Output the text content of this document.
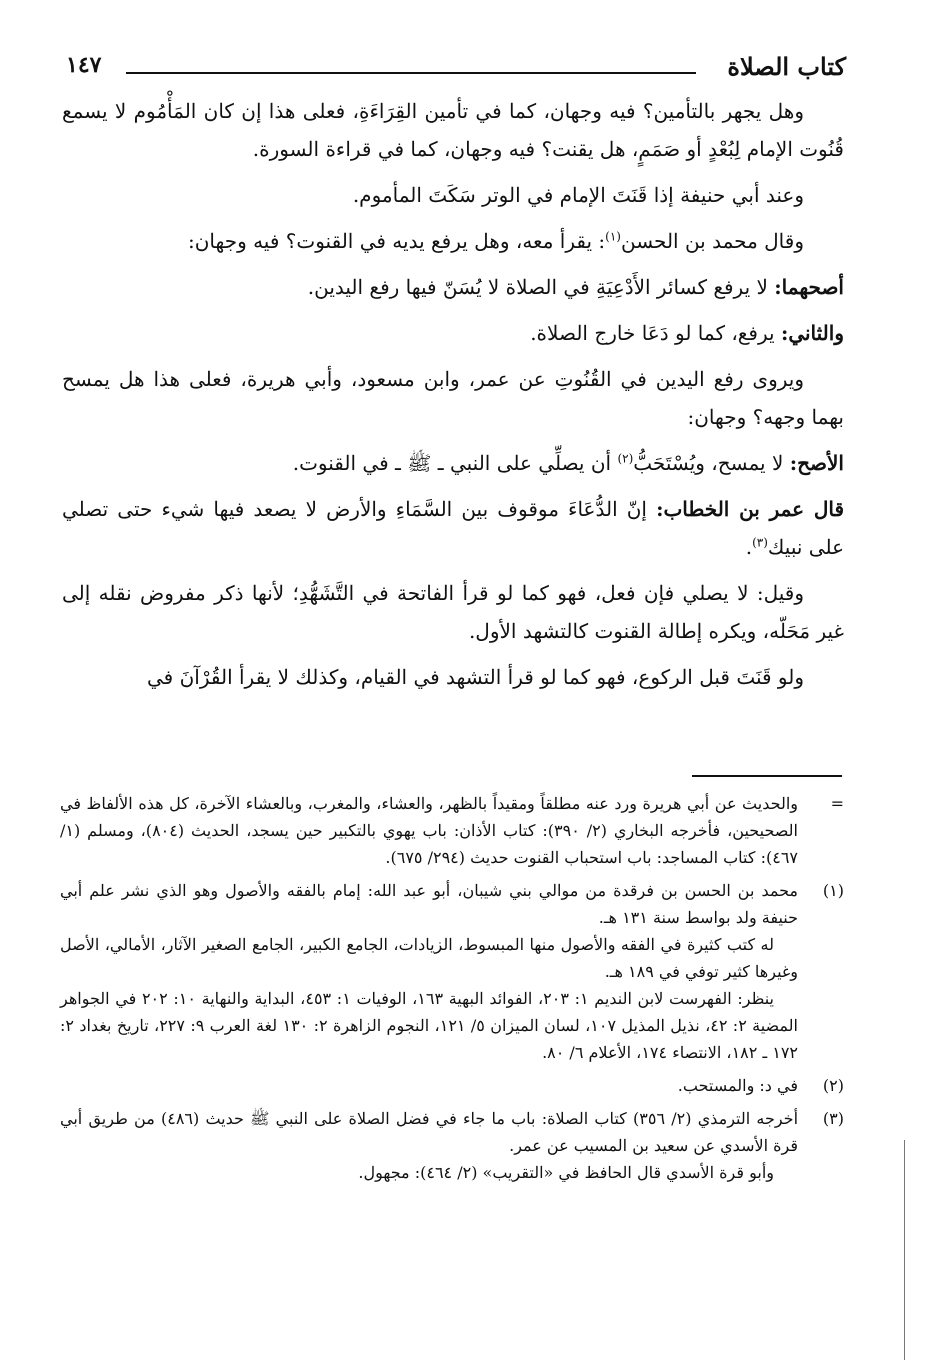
كتاب الصلاة
١٤٧

وهل يجهر بالتأمين؟ فيه وجهان، كما في تأمين القِرَاءَةِ، فعلى هذا إن كان المَأْمُوم لا يسمع قُنُوت الإمام لِبُعْدٍ أو صَمَمٍ، هل يقنت؟ فيه وجهان، كما في قراءة السورة.

وعند أبي حنيفة إذا قَنَتَ الإمام في الوتر سَكَتَ المأموم.

وقال محمد بن الحسن$^{(١)}$: يقرأ معه، وهل يرفع يديه في القنوت؟ فيه وجهان:

أصحهما: لا يرفع كسائر الأَدْعِيَةِ في الصلاة لا يُسَنّ فيها رفع اليدين.

والثاني: يرفع، كما لو دَعَا خارج الصلاة.

ويروى رفع اليدين في القُنُوتِ عن عمر، وابن مسعود، وأبي هريرة، فعلى هذا هل يمسح بهما وجهه؟ وجهان:

الأصح: لا يمسح، ويُسْتَحَبُّ$^{(٢)}$ أن يصلِّي على النبي ـ ﷺ ـ في القنوت.

قال عمر بن الخطاب: إنّ الدُّعَاءَ موقوف بين السَّمَاءِ والأرض لا يصعد فيها شيء حتى تصلي على نبيك$^{(٣)}$.

وقيل: لا يصلي فإن فعل، فهو كما لو قرأ الفاتحة في التَّشَهُّدِ؛ لأنها ذكر مفروض نقله إلى غير مَحَلّه، ويكره إطالة القنوت كالتشهد الأول.

ولو قَنَتَ قبل الركوع، فهو كما لو قرأ التشهد في القيام، وكذلك لا يقرأ القُرْآنَ في

=

والحديث عن أبي هريرة ورد عنه مطلقاً ومقيداً بالظهر، والعشاء، والمغرب، وبالعشاء الآخرة، كل هذه الألفاظ في الصحيحين، فأخرجه البخاري (٢/ ٣٩٠): كتاب الأذان: باب يهوي بالتكبير حين يسجد، الحديث (٨٠٤)، ومسلم (١/ ٤٦٧): كتاب المساجد: باب استحباب القنوت حديث (٢٩٤/ ٦٧٥).

(١)

محمد بن الحسن بن فرقدة من موالي بني شيبان، أبو عبد الله: إمام بالفقه والأصول وهو الذي نشر علم أبي حنيفة ولد بواسط سنة ١٣١ هـ.

له كتب كثيرة في الفقه والأصول منها المبسوط، الزيادات، الجامع الكبير، الجامع الصغير الآثار، الأمالي، الأصل وغيرها كثير توفي في ١٨٩ هـ.

ينظر: الفهرست لابن النديم ١: ٢٠٣، الفوائد البهية ١٦٣، الوفيات ١: ٤٥٣، البداية والنهاية ١٠: ٢٠٢ في الجواهر المضية ٢: ٤٢، نذيل المذيل ١٠٧، لسان الميزان ٥/ ١٢١، النجوم الزاهرة ٢: ١٣٠ لغة العرب ٩: ٢٢٧، تاريخ بغداد ٢: ١٧٢ ـ ١٨٢، الانتصاء ١٧٤، الأعلام ٦/ ٨٠.

(٢)

في د: والمستحب.

(٣)

أخرجه الترمذي (٢/ ٣٥٦) كتاب الصلاة: باب ما جاء في فضل الصلاة على النبي ﷺ حديث (٤٨٦) من طريق أبي قرة الأسدي عن سعيد بن المسيب عن عمر.

وأبو قرة الأسدي قال الحافظ في «التقريب» (٢/ ٤٦٤): مجهول.
